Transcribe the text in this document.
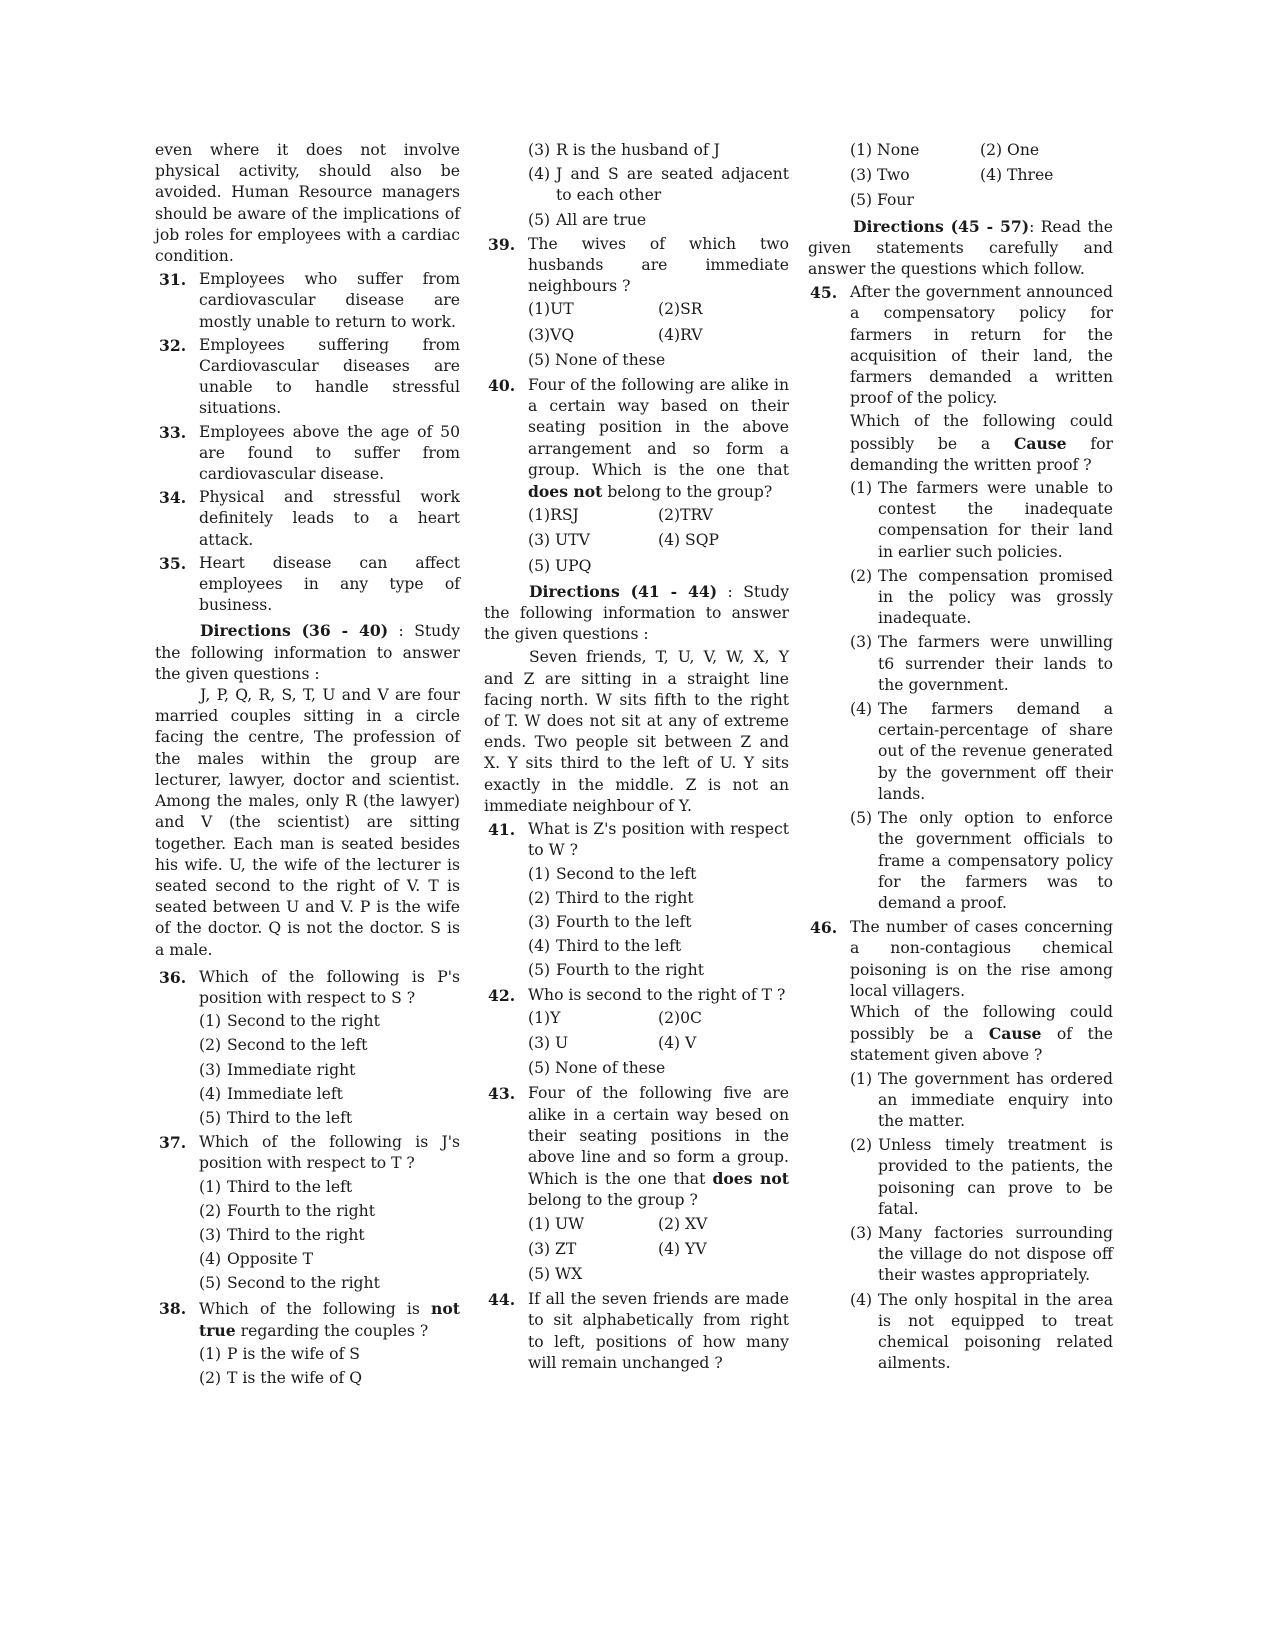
even where it does not involve physical activity, should also be avoided. Human Resource managers should be aware of the implications of job roles for employees with a cardiac condition.

31. Employees who suffer from cardiovascular disease are mostly unable to return to work.

32. Employees suffering from Cardiovascular diseases are unable to handle stressful situations.

33. Employees above the age of 50 are found to suffer from cardiovascular disease.

34. Physical and stressful work definitely leads to a heart attack.

35. Heart disease can affect employees in any type of business.

Directions (36 - 40) : Study the following information to answer the given questions :

J, P, Q, R, S, T, U and V are four married couples sitting in a circle facing the centre, The profession of the males within the group are lecturer, lawyer, doctor and scientist. Among the males, only R (the lawyer) and V (the scientist) are sitting together. Each man is seated besides his wife. U, the wife of the lecturer is seated second to the right of V. T is seated between U and V. P is the wife of the doctor. Q is not the doctor. S is a male.

36. Which of the following is P's position with respect to S ?

(1) Second to the right
(2) Second to the left
(3) Immediate right
(4) Immediate left
(5) Third to the left
37. Which of the following is J's position with respect to T ?

(1) Third to the left
(2) Fourth to the right
(3) Third to the right
(4) Opposite T
(5) Second to the right
38. Which of the following is not true regarding the couples ?

(1) P is the wife of S
(2) T is the wife of Q
(3) R is the husband of J
(4) J and S are seated adjacent to each other
(5) All are true
39. The wives of which two husbands are immediate neighbours ?

(1)UT	(2)SR
(3)VQ	(4)RV
(5) None of these
40. Four of the following are alike in a certain way based on their seating position in the above arrangement and so form a group. Which is the one that does not belong to the group?

(1)RSJ	(2)TRV
(3) UTV	(4) SQP
(5) UPQ

Directions (41 - 44) : Study the following information to answer the given questions :

Seven friends, T, U, V, W, X, Y and Z are sitting in a straight line facing north. W sits fifth to the right of T. W does not sit at any of extreme ends. Two people sit between Z and X. Y sits third to the left of U. Y sits exactly in the middle. Z is not an immediate neighbour of Y.

41. What is Z's position with respect to W ?

(1) Second to the left
(2) Third to the right
(3) Fourth to the left
(4) Third to the left
(5) Fourth to the right
42. Who is second to the right of T ?

(1)Y	(2)0C
(3) U	(4) V
(5) None of these
43. Four of the following five are alike in a certain way besed on their seating positions in the above line and so form a group. Which is the one that does not belong to the group ?

(1) UW	(2) XV
(3) ZT	(4) YV
(5) WX
44. If all the seven friends are made to sit alphabetically from right to left, positions of how many will remain unchanged ?

(1) None	(2) One
(3) Two	(4) Three
(5) Four

Directions (45 - 57): Read the given statements carefully and answer the questions which follow.

45. After the government announced a compensatory policy for farmers in return for the acquisition of their land, the farmers demanded a written proof of the policy.

Which of the following could possibly be a Cause for demanding the written proof ?

(1) The farmers were unable to contest the inadequate compensation for their land in earlier such policies.
(2) The compensation promised in the policy was grossly inadequate.
(3) The farmers were unwilling t6 surrender their lands to the government.
(4) The farmers demand a certain-percentage of share out of the revenue generated by the government off their lands.
(5) The only option to enforce the government officials to frame a compensatory policy for the farmers was to demand a proof.
46. The number of cases concerning a non-contagious chemical poisoning is on the rise among local villagers.

Which of the following could possibly be a Cause of the statement given above ?

(1) The government has ordered an immediate enquiry into the matter.
(2) Unless timely treatment is provided to the patients, the poisoning can prove to be fatal.
(3) Many factories surrounding the village do not dispose off their wastes appropriately.
(4) The only hospital in the area is not equipped to treat chemical poisoning related ailments.
